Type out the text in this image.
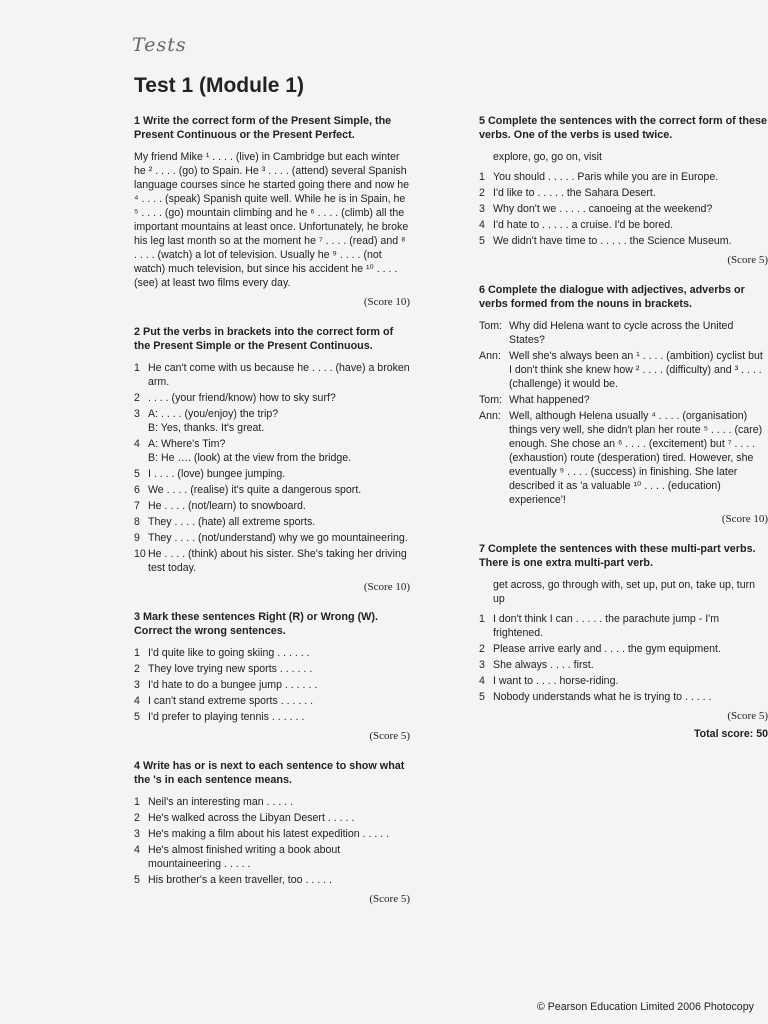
Tests
Test 1 (Module 1)
1 Write the correct form of the Present Simple, the Present Continuous or the Present Perfect.

My friend Mike ¹ . . . . (live) in Cambridge but each winter he ² . . . . (go) to Spain. He ³ . . . . (attend) several Spanish language courses since he started going there and now he ⁴ . . . . (speak) Spanish quite well. While he is in Spain, he ⁵ . . . . (go) mountain climbing and he ⁶ . . . . (climb) all the important mountains at least once. Unfortunately, he broke his leg last month so at the moment he ⁷ . . . . (read) and ⁸ . . . . (watch) a lot of television. Usually he ⁹ . . . . (not watch) much television, but since his accident he ¹⁰ . . . . (see) at least two films every day.

(Score 10)
2 Put the verbs in brackets into the correct form of the Present Simple or the Present Continuous.
1 He can't come with us because he . . . . (have) a broken arm.
2 . . . . (your friend/know) how to sky surf?
3 A: . . . . (you/enjoy) the trip?
B: Yes, thanks. It's great.
4 A: Where's Tim?
B: He …. (look) at the view from the bridge.
5 I . . . . (love) bungee jumping.
6 We . . . . (realise) it's quite a dangerous sport.
7 He . . . . (not/learn) to snowboard.
8 They . . . . (hate) all extreme sports.
9 They . . . . (not/understand) why we go mountaineering.
10 He . . . . (think) about his sister. She's taking her driving test today.
(Score 10)
3 Mark these sentences Right (R) or Wrong (W). Correct the wrong sentences.
1 I'd quite like to going skiing . . . . . .
2 They love trying new sports . . . . . .
3 I'd hate to do a bungee jump . . . . . .
4 I can't stand extreme sports . . . . . .
5 I'd prefer to playing tennis . . . . . .
(Score 5)
4 Write has or is next to each sentence to show what the 's in each sentence means.
1 Neil's an interesting man . . . . .
2 He's walked across the Libyan Desert . . . . .
3 He's making a film about his latest expedition . . . . .
4 He's almost finished writing a book about mountaineering . . . . .
5 His brother's a keen traveller, too . . . . .
(Score 5)
5 Complete the sentences with the correct form of these verbs. One of the verbs is used twice.
explore, go, go on, visit
1 You should . . . . . Paris while you are in Europe.
2 I'd like to . . . . . the Sahara Desert.
3 Why don't we . . . . . canoeing at the weekend?
4 I'd hate to . . . . . a cruise. I'd be bored.
5 We didn't have time to . . . . . the Science Museum.
(Score 5)
6 Complete the dialogue with adjectives, adverbs or verbs formed from the nouns in brackets.
Tom: Why did Helena want to cycle across the United States?
Ann: Well she's always been an ¹ . . . . (ambition) cyclist but I don't think she knew how ² . . . . (difficulty) and ³ . . . . (challenge) it would be.
Tom: What happened?
Ann: Well, although Helena usually ⁴ . . . . (organisation) things very well, she didn't plan her route ⁵ . . . . (care) enough. She chose an ⁶ . . . . (excitement) but ⁷ . . . . (exhaustion) route (desperation) tired. However, she eventually ⁹ . . . . (success) in finishing. She later described it as 'a valuable ¹⁰ . . . . (education) experience'!
(Score 10)
7 Complete the sentences with these multi-part verbs. There is one extra multi-part verb.
get across, go through with, set up, put on, take up, turn up
1 I don't think I can . . . . . the parachute jump - I'm frightened.
2 Please arrive early and . . . . the gym equipment.
3 She always . . . . first.
4 I want to . . . . horse-riding.
5 Nobody understands what he is trying to . . . . .
(Score 5)
Total score: 50
© Pearson Education Limited 2006 Photocopy
